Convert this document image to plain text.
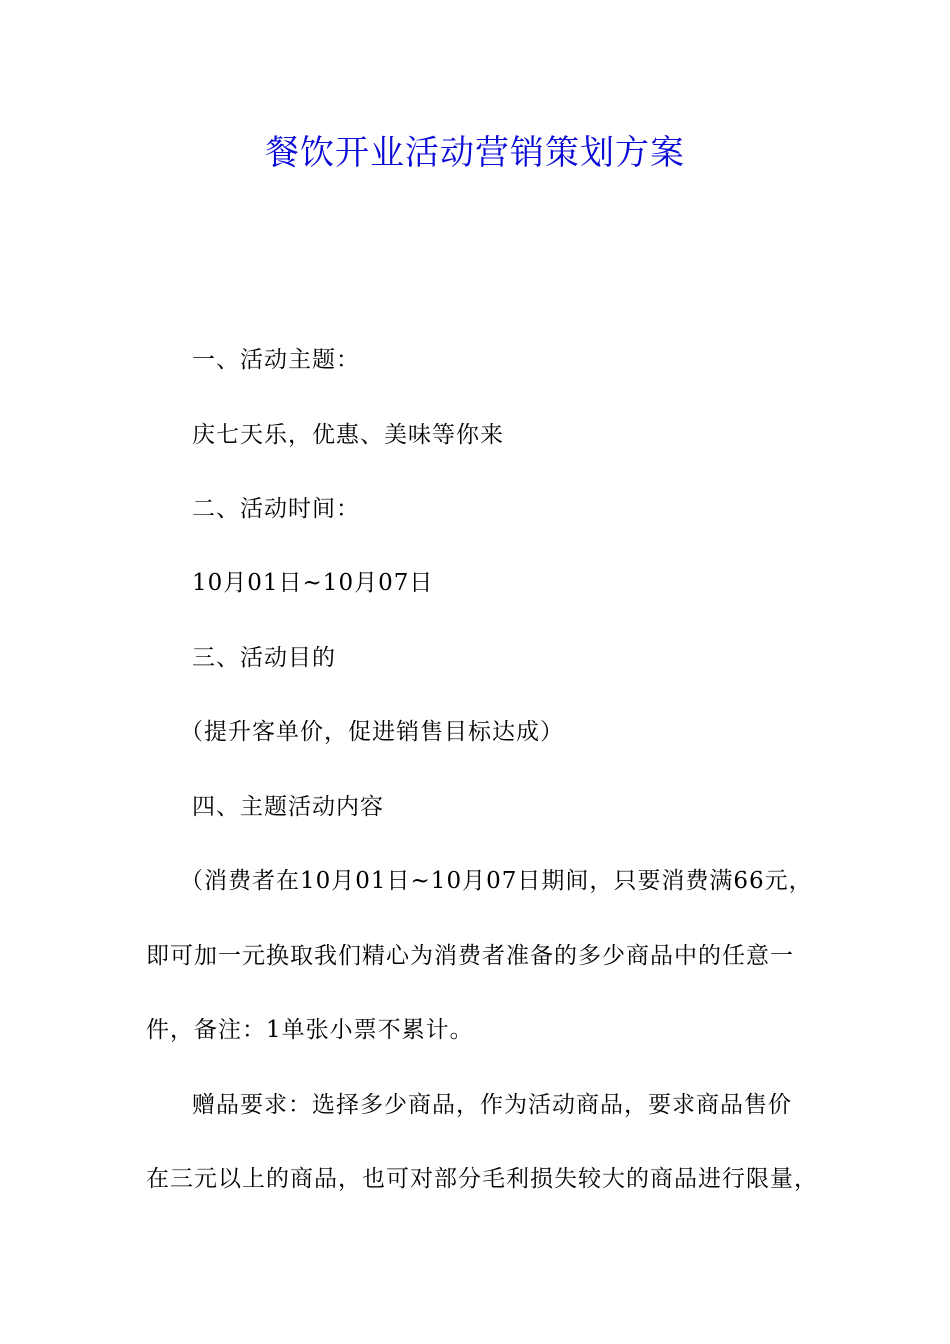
餐饮开业活动营销策划方案
一、活动主题：
庆七天乐，优惠、美味等你来
二、活动时间：
10月01日~10月07日
三、活动目的
（提升客单价，促进销售目标达成）
四、主题活动内容
（消费者在10月01日~10月07日期间，只要消费满66元，
即可加一元换取我们精心为消费者准备的多少商品中的任意一
件，备注：1单张小票不累计。
赠品要求：选择多少商品，作为活动商品，要求商品售价
在三元以上的商品，也可对部分毛利损失较大的商品进行限量，
